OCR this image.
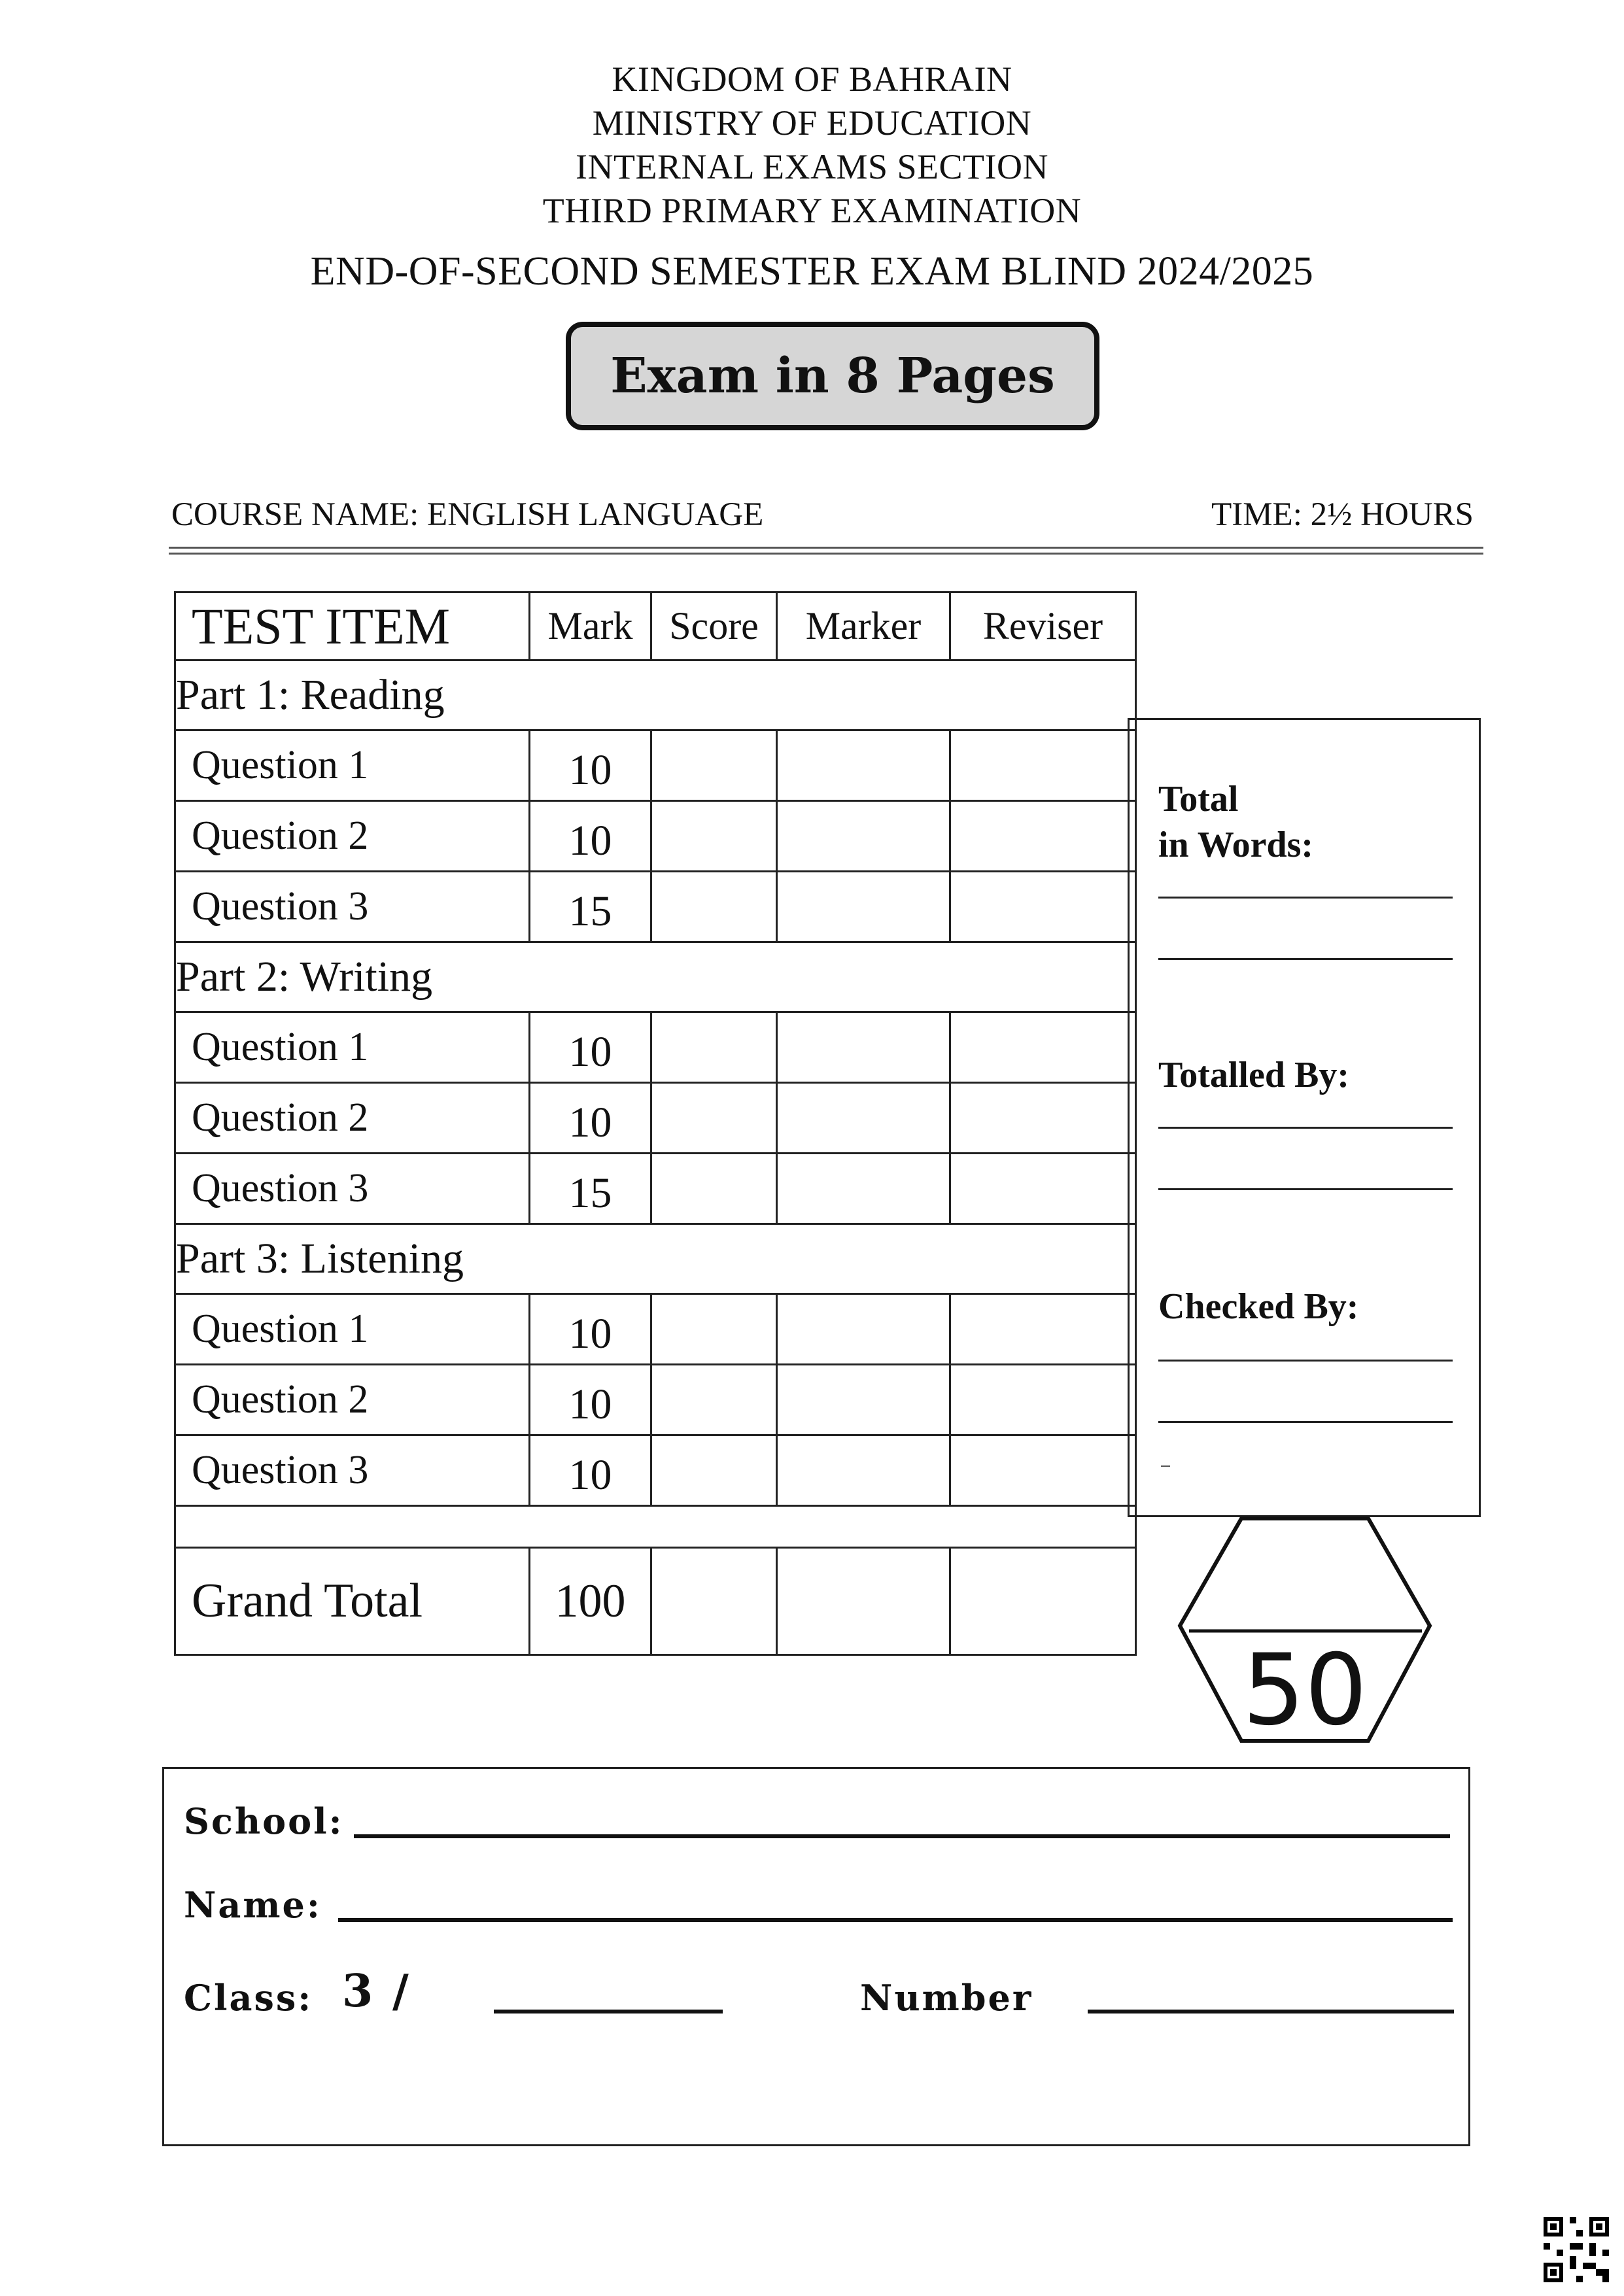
KINGDOM OF BAHRAIN
MINISTRY OF EDUCATION
INTERNAL EXAMS SECTION
THIRD PRIMARY EXAMINATION
END-OF-SECOND SEMESTER EXAM BLIND 2024/2025
Exam in 8 Pages
COURSE NAME: ENGLISH LANGUAGE	TIME: 2½ HOURS
TEST ITEM	Mark	Score	Marker	Reviser
Part 1: Reading				
Question 1	10			
Question 2	10			
Question 3	15			
Part 2: Writing				
Question 1	10			
Question 2	10			
Question 3	15			
Part 3: Listening				
Question 1	10			
Question 2	10			
Question 3	10			

Grand Total	100			
Total
in Words:
Totalled By:
Checked By:
50
School:
Name:
Class: 3 /	Number
